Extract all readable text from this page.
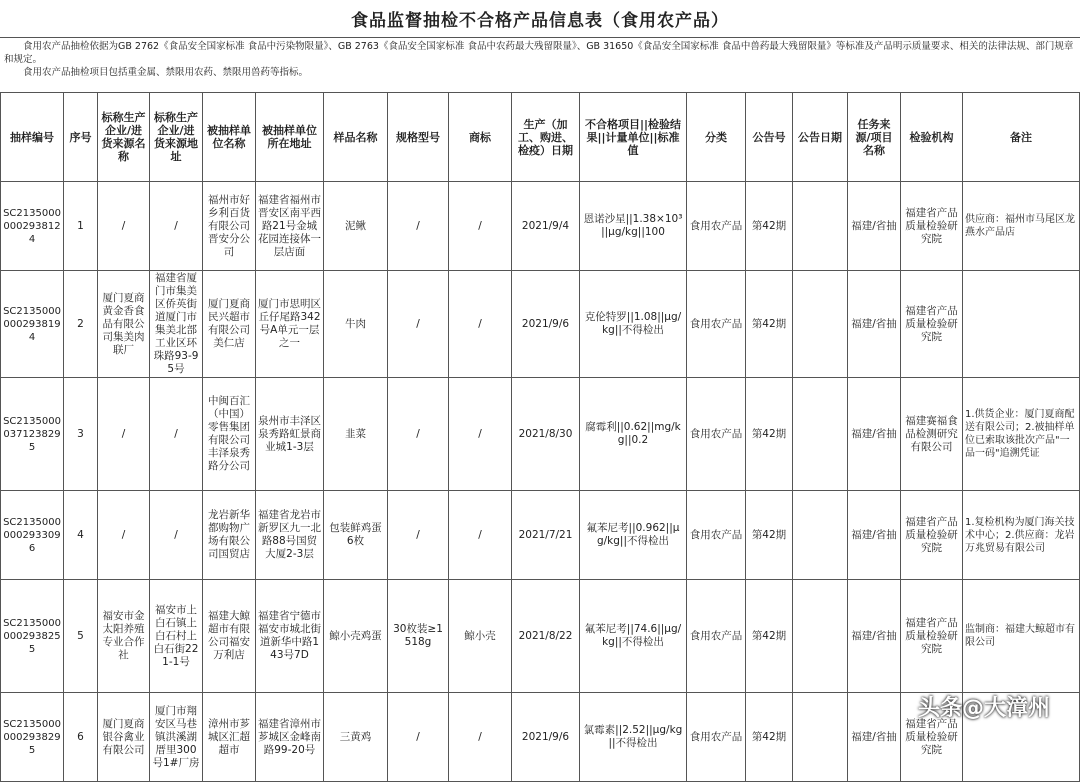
食品监督抽检不合格产品信息表（食用农产品）
　　食用农产品抽检依据为GB 2762《食品安全国家标准 食品中污染物限量》、GB 2763《食品安全国家标准 食品中农药最大残留限量》、GB 31650《食品安全国家标准 食品中兽药最大残留限量》等标准及产品明示质量要求、相关的法律法规、部门规章和规定。
　　食用农产品抽检项目包括重金属、禁限用农药、禁限用兽药等指标。
抽样编号	序号	标称生产企业/进货来源名称	标称生产企业/进货来源地址	被抽样单位名称	被抽样单位所在地址	样品名称	规格型号	商标	生产（加工、购进、检疫）日期	不合格项目||检验结果||计量单位||标准值	分类	公告号	公告日期	任务来源/项目名称	检验机构	备注
SC21350000002938124	1	/	/	福州市好乡利百货有限公司晋安分公司	福建省福州市晋安区南平西路21号金城花园连接体一层店面	泥鳅	/	/	2021/9/4	恩诺沙星||1.38×10³||μg/kg||100	食用农产品	第42期		福建/省抽	福建省产品质量检验研究院	供应商：福州市马尾区龙燕水产品店
SC21350000002938194	2	厦门夏商黄金香食品有限公司集美肉联厂	福建省厦门市集美区侨英街道厦门市集美北部工业区环珠路93-95号	厦门夏商民兴超市有限公司美仁店	厦门市思明区丘仔尾路342号A单元一层之一	牛肉	/	/	2021/9/6	克伦特罗||1.08||μg/kg||不得检出	食用农产品	第42期		福建/省抽	福建省产品质量检验研究院	
SC21350000371238295	3	/	/	中闽百汇（中国）零售集团有限公司丰泽泉秀路分公司	泉州市丰泽区泉秀路虹景商业城1-3层	韭菜	/	/	2021/8/30	腐霉利||0.62||mg/kg||0.2	食用农产品	第42期		福建/省抽	福建赛福食品检测研究有限公司	1.供货企业：厦门夏商配送有限公司；2.被抽样单位已索取该批次产品"一品一码"追溯凭证
SC21350000002933096	4	/	/	龙岩新华都购物广场有限公司国贸店	福建省龙岩市新罗区九一北路88号国贸大厦2-3层	包装鲜鸡蛋6枚	/	/	2021/7/21	氟苯尼考||0.962||μg/kg||不得检出	食用农产品	第42期		福建/省抽	福建省产品质量检验研究院	1.复检机构为厦门海关技术中心；2.供应商：龙岩万兆贸易有限公司
SC21350000002938255	5	福安市金太阳养殖专业合作社	福安市上白石镇上白石村上白石街221-1号	福建大鲸超市有限公司福安万利店	福建省宁德市福安市城北街道新华中路143号7D	鲸小壳鸡蛋	30枚装≥1518g	鲸小壳	2021/8/22	氟苯尼考||74.6||μg/kg||不得检出	食用农产品	第42期		福建/省抽	福建省产品质量检验研究院	监制商：福建大鲸超市有限公司
SC21350000002938295	6	厦门夏商银谷禽业有限公司	厦门市翔安区马巷镇洪溪湖厝里300号1#厂房	漳州市芗城区汇超超市	福建省漳州市芗城区金峰南路99-20号	三黄鸡	/	/	2021/9/6	氯霉素||2.52||μg/kg||不得检出	食用农产品	第42期		福建/省抽	福建省产品质量检验研究院	
头条@大漳州
